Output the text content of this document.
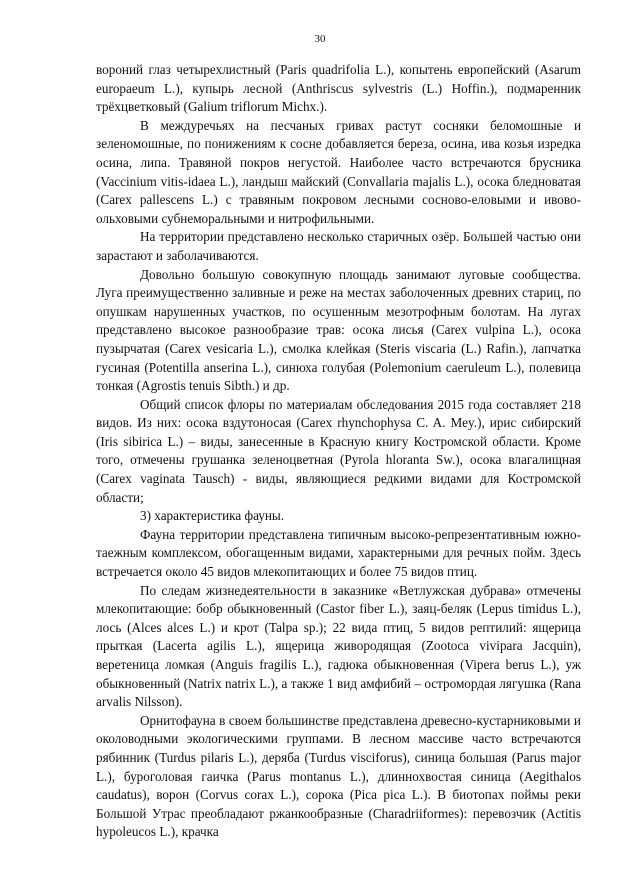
30

вороний глаз четырехлистный (Paris quadrifolia L.), копытень европейский (Asarum europaeum L.), купырь лесной (Anthriscus sylvestris (L.) Hoffin.), подмаренник трёхцветковый (Galium triflorum Michx.).

В междуречьях на песчаных гривах растут сосняки беломошные и зеленомошные, по понижениям к сосне добавляется береза, осина, ива козья изредка осина, липа. Травяной покров негустой. Наиболее часто встречаются брусника (Vaccinium vitis-idaea L.), ландыш майский (Convallaria majalis L.), осока бледноватая (Carex pallescens L.) с травяным покровом лесными сосново-еловыми и ивово-ольховыми субнеморальными и нитрофильными.

На территории представлено несколько старичных озёр. Большей частью они зарастают и заболачиваются.

Довольно большую совокупную площадь занимают луговые сообщества. Луга преимущественно заливные и реже на местах заболоченных древних стариц, по опушкам нарушенных участков, по осушенным мезотрофным болотам. На лугах представлено высокое разнообразие трав: осока лисья (Carex vulpina L.), осока пузырчатая (Carex vesicaria L.), смолка клейкая (Steris viscaria (L.) Rafin.), лапчатка гусиная (Potentilla anserina L.), синюха голубая (Polemonium caeruleum L.), полевица тонкая (Agrostis tenuis Sibth.) и др.

Общий список флоры по материалам обследования 2015 года составляет 218 видов. Из них: осока вздутоносая (Carex rhynchophysa C. A. Mey.), ирис сибирский (Iris sibirica L.) – виды, занесенные в Красную книгу Костромской области. Кроме того, отмечены грушанка зеленоцветная (Pyrola hloranta Sw.), осока влагалищная (Carex vaginata Tausch) - виды, являющиеся редкими видами для Костромской области;

3) характеристика фауны.

Фауна территории представлена типичным высоко-репрезентативным южно-таежным комплексом, обогащенным видами, характерными для речных пойм. Здесь встречается около 45 видов млекопитающих и более 75 видов птиц.

По следам жизнедеятельности в заказнике «Ветлужская дубрава» отмечены млекопитающие: бобр обыкновенный (Castor fiber L.), заяц-беляк (Lepus timidus L.), лось (Alces alces L.) и крот (Talpa sp.); 22 вида птиц, 5 видов рептилий: ящерица прыткая (Lacerta agilis L.), ящерица живородящая (Zootoca vivipara Jacquin), веретеница ломкая (Anguis fragilis L.), гадюка обыкновенная (Vipera berus L.), уж обыкновенный (Natrix natrix L.), а также 1 вид амфибий – остромордая лягушка (Rana arvalis Nilsson).

Орнитофауна в своем большинстве представлена древесно-кустарниковыми и околоводными экологическими группами. В лесном массиве часто встречаются рябинник (Turdus pilaris L.), деряба (Turdus visciforus), синица большая (Parus major L.), буроголовая гаичка (Parus montanus L.), длиннохвостая синица (Aegithalos caudatus), ворон (Corvus corax L.), сорока (Pica pica L.). В биотопах поймы реки Большой Утрас преобладают ржанкообразные (Charadriiformes): перевозчик (Actitis hypoleucos L.), крачка
